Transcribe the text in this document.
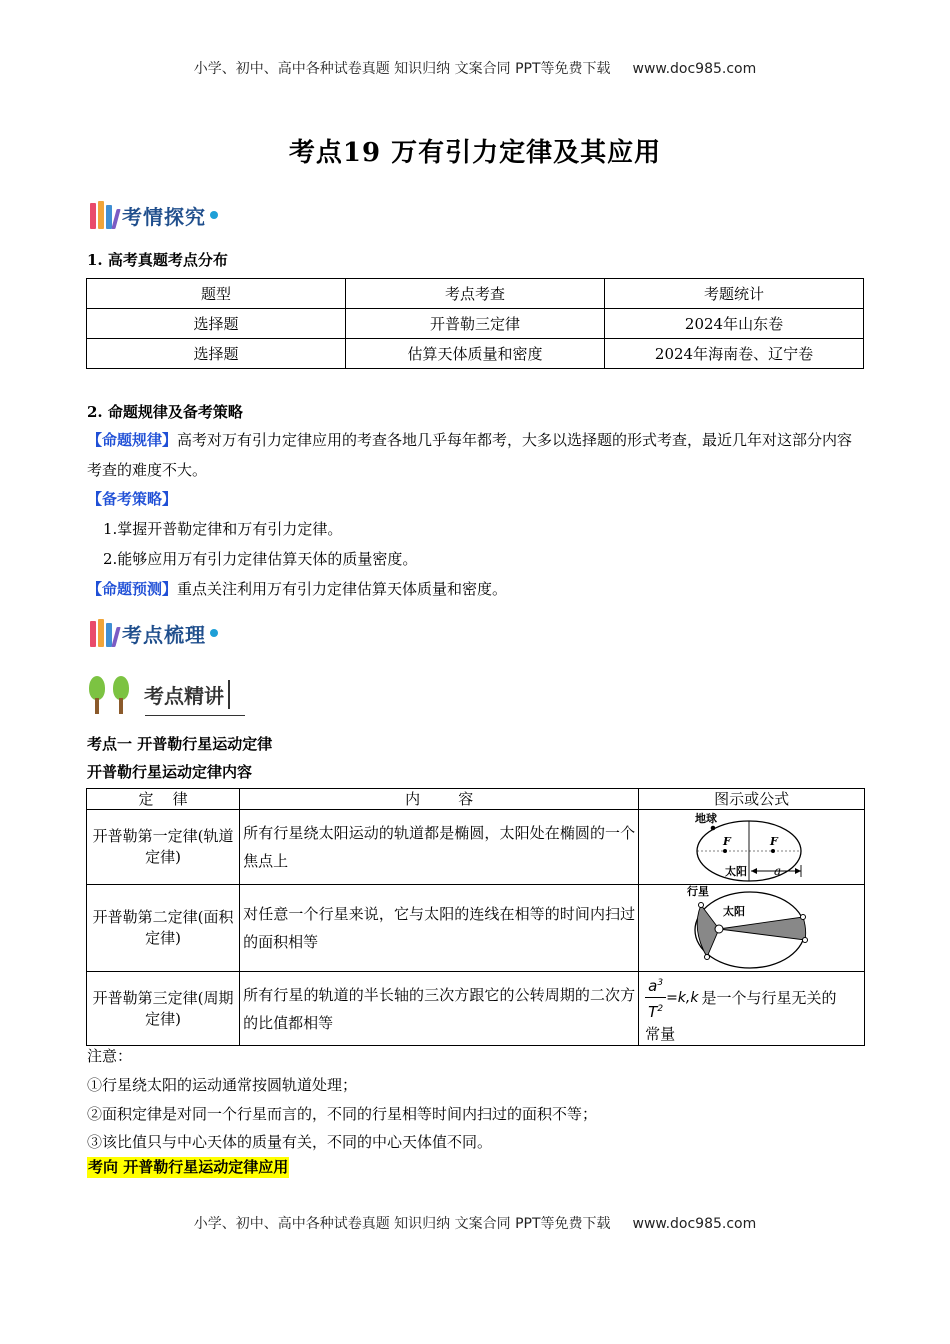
小学、初中、高中各种试卷真题 知识归纳 文案合同 PPT等免费下载 www.doc985.com
考点19 万有引力定律及其应用
考情探究
1. 高考真题考点分布
题型	考点考查	考题统计
选择题	开普勒三定律	2024年山东卷
选择题	估算天体质量和密度	2024年海南卷、辽宁卷
2. 命题规律及备考策略
【命题规律】高考对万有引力定律应用的考查各地几乎每年都考，大多以选择题的形式考查，最近几年对这部分内容考查的难度不大。
【备考策略】
1.掌握开普勒定律和万有引力定律。
2.能够应用万有引力定律估算天体的质量密度。
【命题预测】重点关注利用万有引力定律估算天体质量和密度。
考点梳理
考点精讲
考点一 开普勒行星运动定律
开普勒行星运动定律内容
定    律	内        容	图示或公式
开普勒第一定律(轨道定律)	所有行星绕太阳运动的轨道都是椭圆，太阳处在椭圆的一个焦点上	地球
F F
太阳 a

开普勒第二定律(面积定律)	对任意一个行星来说，它与太阳的连线在相等的时间内扫过的面积相等	行星
太阳

开普勒第三定律(周期定律)	所有行星的轨道的半长轴的三次方跟它的公转周期的二次方的比值都相等	$\frac{a^3}{T^2} =k,k$ 是一个与行星无关的
常量
注意：
①行星绕太阳的运动通常按圆轨道处理；
②面积定律是对同一个行星而言的，不同的行星相等时间内扫过的面积不等；
③该比值只与中心天体的质量有关，不同的中心天体值不同。
考向 开普勒行星运动定律应用
小学、初中、高中各种试卷真题 知识归纳 文案合同 PPT等免费下载 www.doc985.com
